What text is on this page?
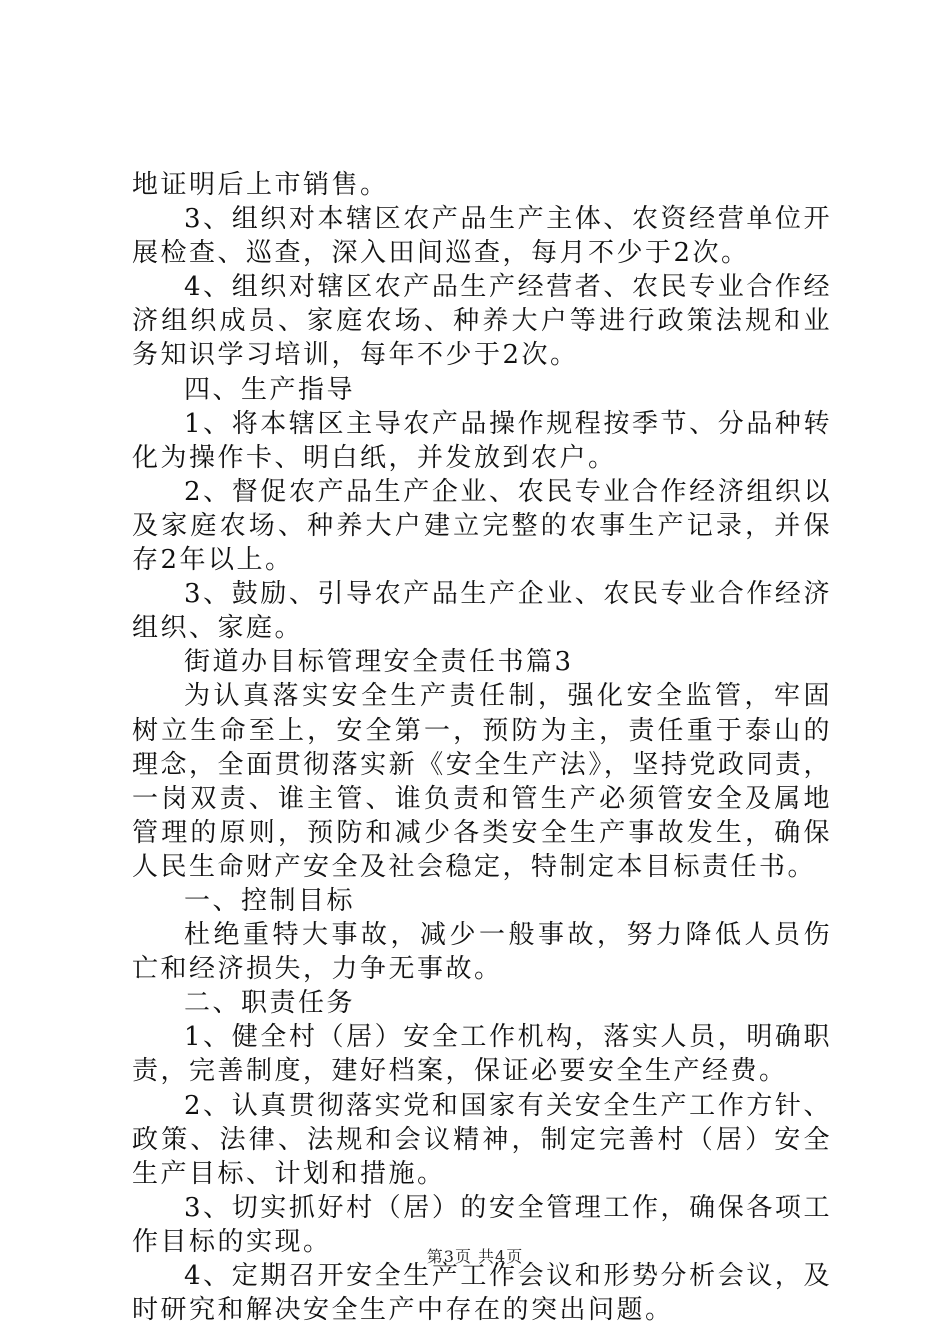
地证明后上市销售。

3、组织对本辖区农产品生产主体、农资经营单位开展检查、巡查，深入田间巡查，每月不少于2次。

4、组织对辖区农产品生产经营者、农民专业合作经济组织成员、家庭农场、种养大户等进行政策法规和业务知识学习培训，每年不少于2次。

四、生产指导

1、将本辖区主导农产品操作规程按季节、分品种转化为操作卡、明白纸，并发放到农户。

2、督促农产品生产企业、农民专业合作经济组织以及家庭农场、种养大户建立完整的农事生产记录，并保存2年以上。

3、鼓励、引导农产品生产企业、农民专业合作经济组织、家庭。

街道办目标管理安全责任书篇3

为认真落实安全生产责任制，强化安全监管，牢固树立生命至上，安全第一，预防为主，责任重于泰山的理念，全面贯彻落实新《安全生产法》，坚持党政同责，一岗双责、谁主管、谁负责和管生产必须管安全及属地管理的原则，预防和减少各类安全生产事故发生，确保人民生命财产安全及社会稳定，特制定本目标责任书。

一、控制目标

杜绝重特大事故，减少一般事故，努力降低人员伤亡和经济损失，力争无事故。

二、职责任务

1、健全村（居）安全工作机构，落实人员，明确职责，完善制度，建好档案，保证必要安全生产经费。

2、认真贯彻落实党和国家有关安全生产工作方针、政策、法律、法规和会议精神，制定完善村（居）安全生产目标、计划和措施。

3、切实抓好村（居）的安全管理工作，确保各项工作目标的实现。

4、定期召开安全生产工作会议和形势分析会议，及时研究和解决安全生产中存在的突出问题。

第3页 共4页
